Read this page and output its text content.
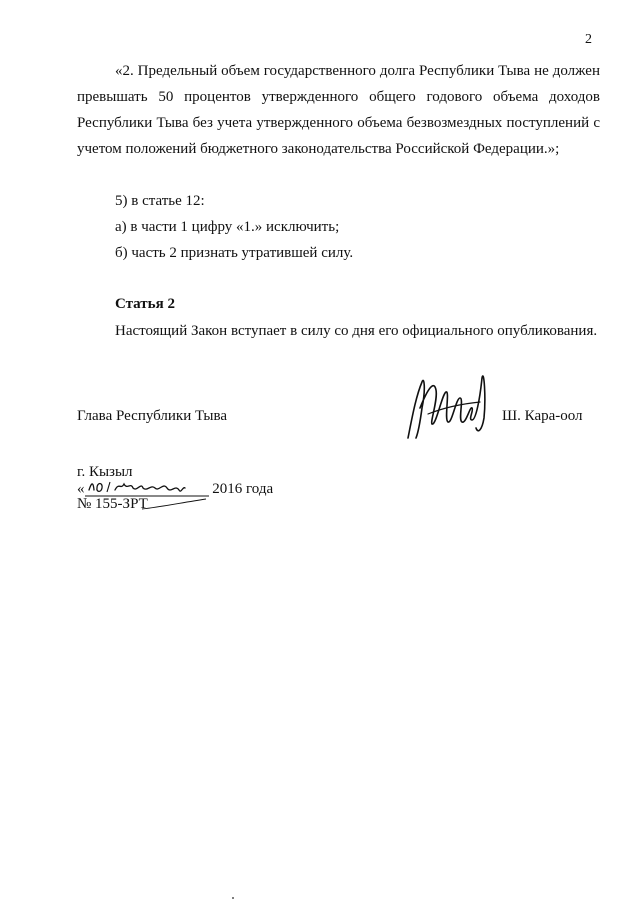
2

«2. Предельный объем государственного долга Республики Тыва не должен превышать 50 процентов утвержденного общего годового объема доходов Республики Тыва без учета утвержденного объема безвозмездных поступлений с учетом положений бюджетного законодательства Российской Федерации.»;

5) в статье 12:
а) в части 1 цифру «1.» исключить;
б) часть 2 признать утратившей силу.
Статья 2

Настоящий Закон вступает в силу со дня его официального опубликования.

Глава Республики Тыва	Ш. Кара-оол
г. Кызыл
«	2016 года
№ 155-ЗРТ
